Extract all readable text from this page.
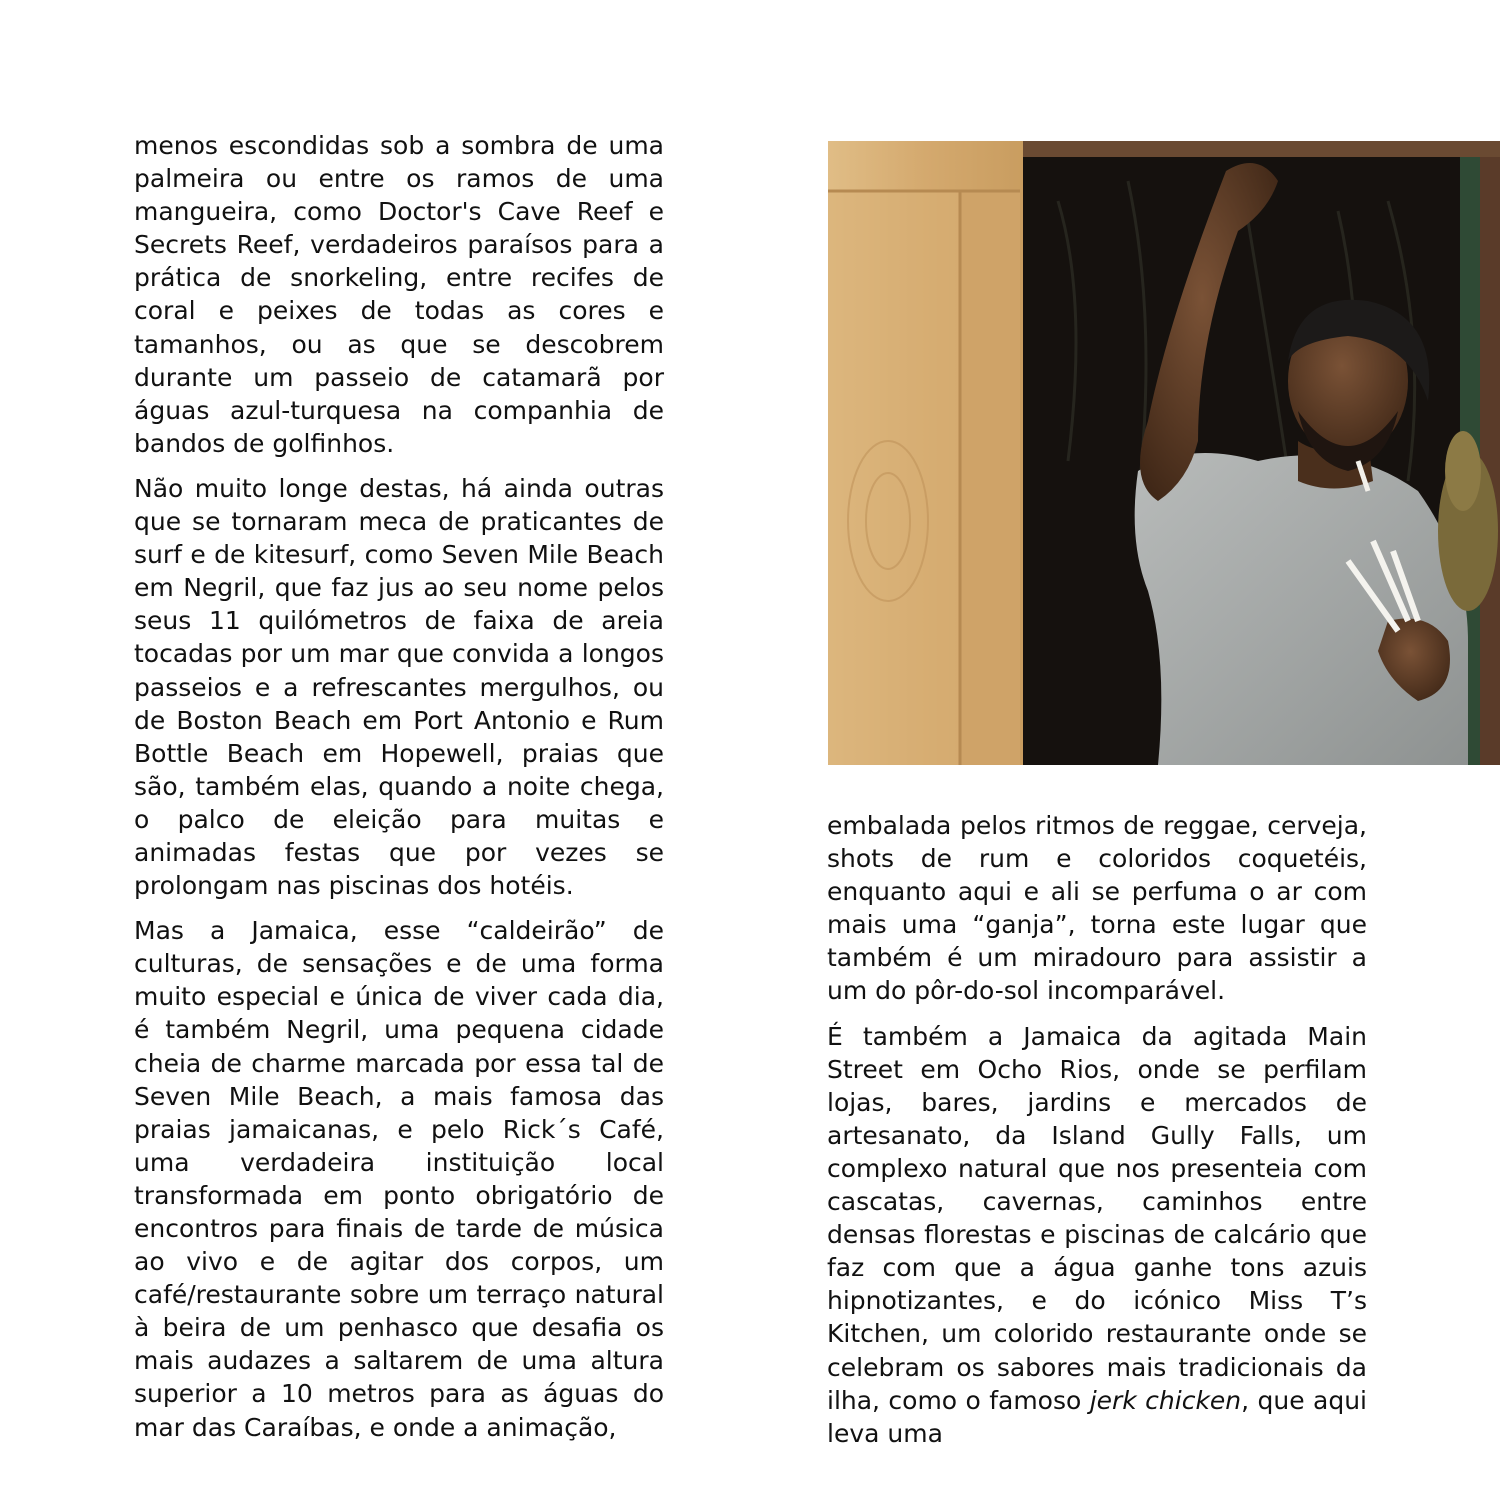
menos escondidas sob a sombra de uma palmeira ou entre os ramos de uma mangueira, como Doctor's Cave Reef e Secrets Reef, verdadeiros paraísos para a prática de snorkeling, entre recifes de coral e peixes de todas as cores e tamanhos, ou as que se descobrem durante um passeio de catamarã por águas azul-turquesa na companhia de bandos de golfinhos.

Não muito longe destas, há ainda outras que se tornaram meca de praticantes de surf e de kitesurf, como Seven Mile Beach em Negril, que faz jus ao seu nome pelos seus 11 quilómetros de faixa de areia tocadas por um mar que convida a longos passeios e a refrescantes mergulhos, ou de Boston Beach em Port Antonio e Rum Bottle Beach em Hopewell, praias que são, também elas, quando a noite chega, o palco de eleição para muitas e animadas festas que por vezes se prolongam nas piscinas dos hotéis.

Mas a Jamaica, esse “caldeirão” de culturas, de sensações e de uma forma muito especial e única de viver cada dia, é também Negril, uma pequena cidade cheia de charme marcada por essa tal de Seven Mile Beach, a mais famosa das praias jamaicanas, e pelo Rick´s Café, uma verdadeira instituição local transformada em ponto obrigatório de encontros para finais de tarde de música ao vivo e de agitar dos corpos, um café/restaurante sobre um terraço natural à beira de um penhasco que desafia os mais audazes a saltarem de uma altura superior a 10 metros para as águas do mar das Caraíbas, e onde a animação,

embalada pelos ritmos de reggae, cerveja, shots de rum e coloridos coquetéis, enquanto aqui e ali se perfuma o ar com mais uma “ganja”, torna este lugar que também é um miradouro para assistir a um do pôr-do-sol incomparável.

É também a Jamaica da agitada Main Street em Ocho Rios, onde se perfilam lojas, bares, jardins e mercados de artesanato, da Island Gully Falls, um complexo natural que nos presenteia com cascatas, cavernas, caminhos entre densas florestas e piscinas de calcário que faz com que a água ganhe tons azuis hipnotizantes, e do icónico Miss T’s Kitchen, um colorido restaurante onde se celebram os sabores mais tradicionais da ilha, como o famoso jerk chicken, que aqui leva uma
